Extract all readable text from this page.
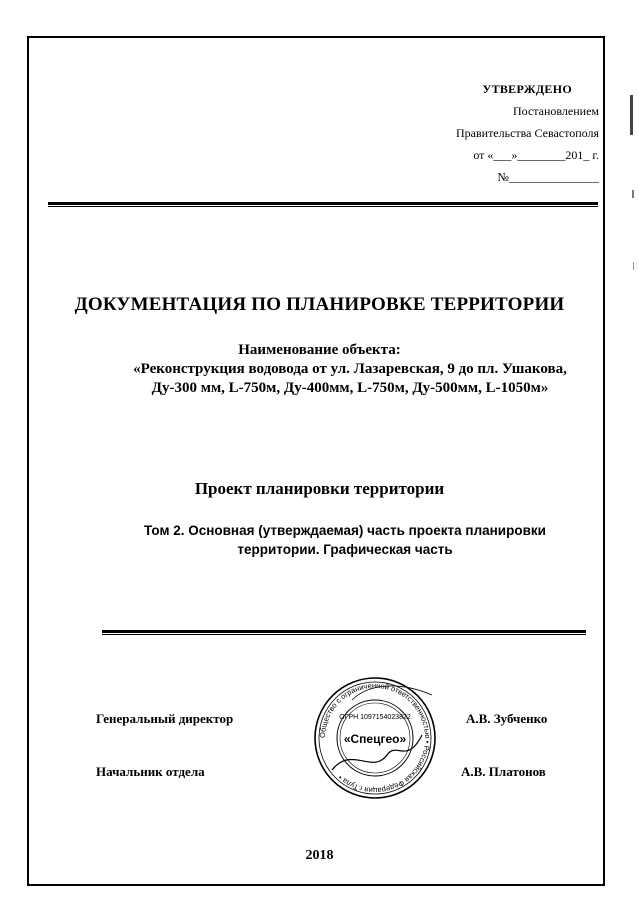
УТВЕРЖДЕНО
Постановлением
Правительства Севастополя
от «___»________201_ г.
№_______________
ДОКУМЕНТАЦИЯ ПО ПЛАНИРОВКЕ ТЕРРИТОРИИ
Наименование объекта:
«Реконструкция водовода от ул. Лазаревская, 9 до пл. Ушакова,
Ду-300 мм, L-750м, Ду-400мм, L-750м, Ду-500мм, L-1050м»
Проект планировки территории
Том 2. Основная (утверждаемая) часть проекта планировки
территории. Графическая часть
Генеральный директор	А.В. Зубченко
Начальник отдела	А.В. Платонов
Общество с ограниченной ответственностью • Российская Федерация г.Тула •
ОГРН 1097154023822
«Спецгео»
2018
